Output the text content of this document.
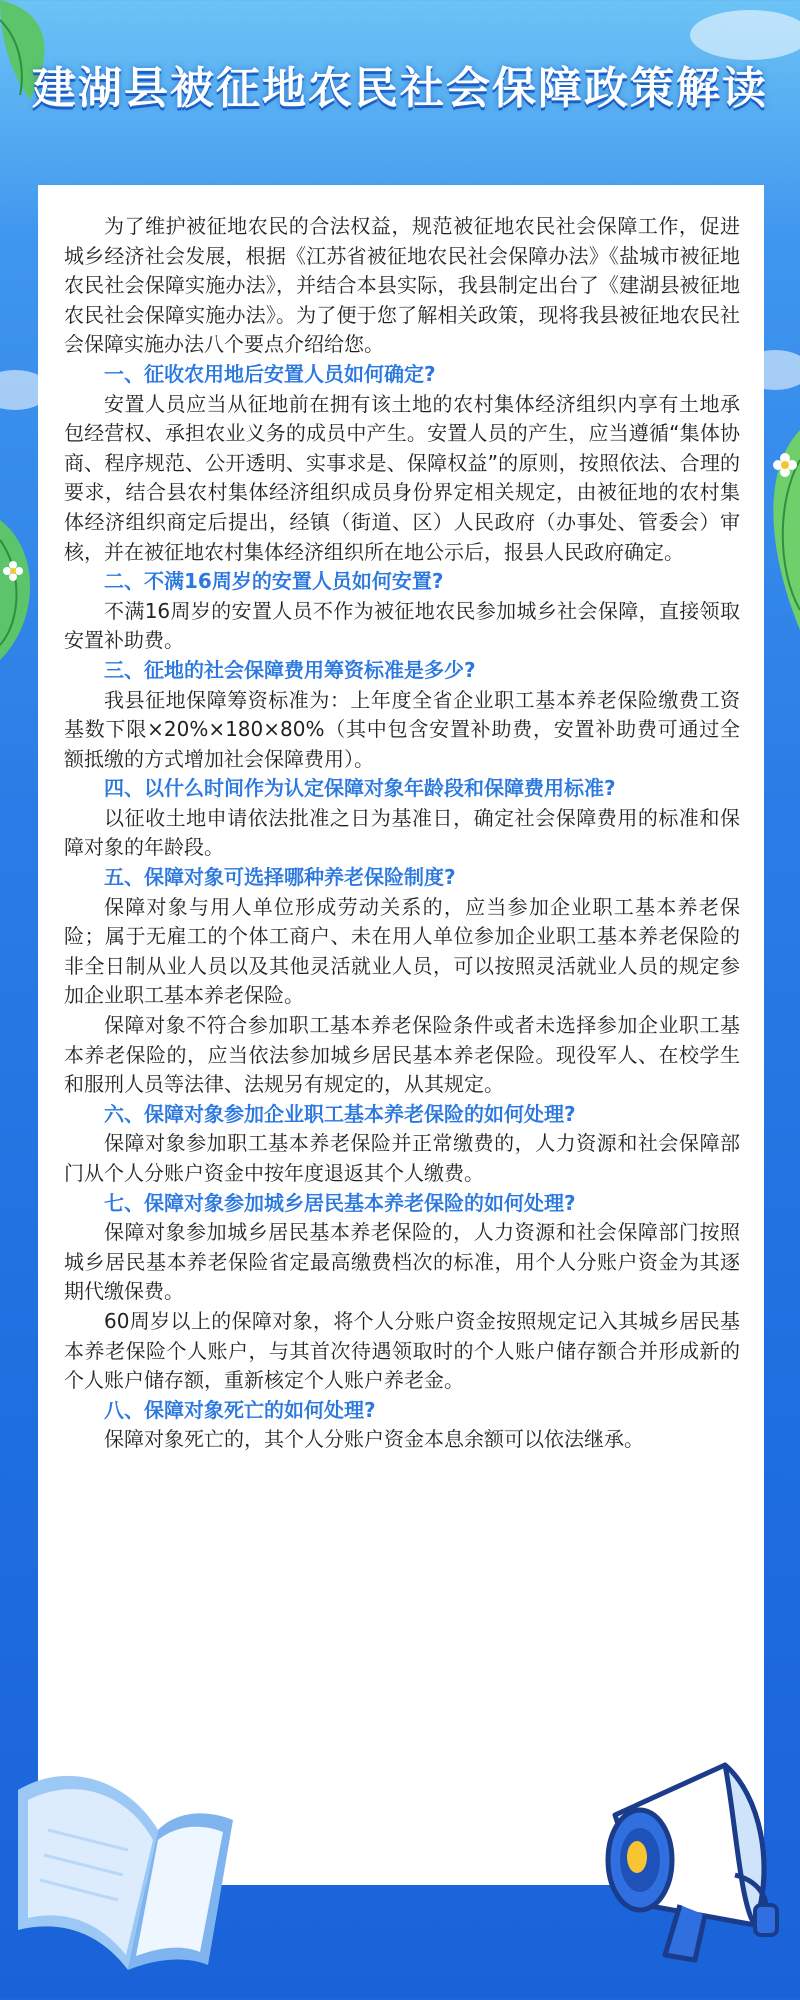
建湖县被征地农民社会保障政策解读

为了维护被征地农民的合法权益，规范被征地农民社会保障工作，促进城乡经济社会发展，根据《江苏省被征地农民社会保障办法》《盐城市被征地农民社会保障实施办法》，并结合本县实际，我县制定出台了《建湖县被征地农民社会保障实施办法》。为了便于您了解相关政策，现将我县被征地农民社会保障实施办法八个要点介绍给您。

一、征收农用地后安置人员如何确定?

安置人员应当从征地前在拥有该土地的农村集体经济组织内享有土地承包经营权、承担农业义务的成员中产生。安置人员的产生，应当遵循“集体协商、程序规范、公开透明、实事求是、保障权益”的原则，按照依法、合理的要求，结合县农村集体经济组织成员身份界定相关规定，由被征地的农村集体经济组织商定后提出，经镇（街道、区）人民政府（办事处、管委会）审核，并在被征地农村集体经济组织所在地公示后，报县人民政府确定。

二、不满16周岁的安置人员如何安置?

不满16周岁的安置人员不作为被征地农民参加城乡社会保障，直接领取安置补助费。

三、征地的社会保障费用筹资标准是多少?

我县征地保障筹资标准为：上年度全省企业职工基本养老保险缴费工资基数下限×20%×180×80%（其中包含安置补助费，安置补助费可通过全额抵缴的方式增加社会保障费用）。

四、以什么时间作为认定保障对象年龄段和保障费用标准?

以征收土地申请依法批准之日为基准日，确定社会保障费用的标准和保障对象的年龄段。

五、保障对象可选择哪种养老保险制度?

保障对象与用人单位形成劳动关系的，应当参加企业职工基本养老保险；属于无雇工的个体工商户、未在用人单位参加企业职工基本养老保险的非全日制从业人员以及其他灵活就业人员，可以按照灵活就业人员的规定参加企业职工基本养老保险。

保障对象不符合参加职工基本养老保险条件或者未选择参加企业职工基本养老保险的，应当依法参加城乡居民基本养老保险。现役军人、在校学生和服刑人员等法律、法规另有规定的，从其规定。

六、保障对象参加企业职工基本养老保险的如何处理?

保障对象参加职工基本养老保险并正常缴费的，人力资源和社会保障部门从个人分账户资金中按年度退返其个人缴费。

七、保障对象参加城乡居民基本养老保险的如何处理?

保障对象参加城乡居民基本养老保险的，人力资源和社会保障部门按照城乡居民基本养老保险省定最高缴费档次的标准，用个人分账户资金为其逐期代缴保费。

60周岁以上的保障对象，将个人分账户资金按照规定记入其城乡居民基本养老保险个人账户，与其首次待遇领取时的个人账户储存额合并形成新的个人账户储存额，重新核定个人账户养老金。

八、保障对象死亡的如何处理?

保障对象死亡的，其个人分账户资金本息余额可以依法继承。
